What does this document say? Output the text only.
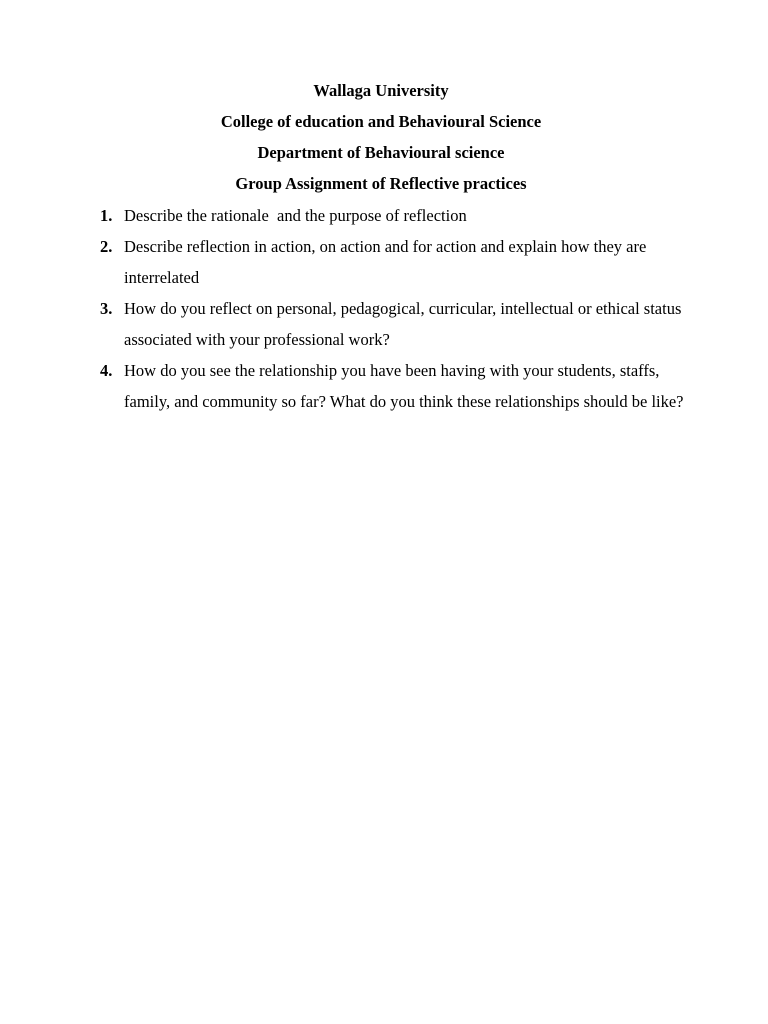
Wallaga University
College of education and Behavioural Science
Department of Behavioural science
Group Assignment of Reflective practices
1. Describe the rationale  and the purpose of reflection
2. Describe reflection in action, on action and for action and explain how they are interrelated
3. How do you reflect on personal, pedagogical, curricular, intellectual or ethical status associated with your professional work?
4. How do you see the relationship you have been having with your students, staffs, family, and community so far? What do you think these relationships should be like?
